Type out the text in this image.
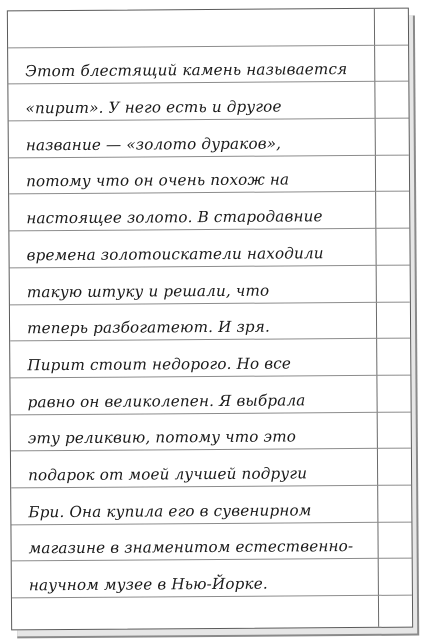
Этот блестящий камень называется
«пирит». У него есть и другое
название — «золото дураков»,
потому что он очень похож на
настоящее золото. В стародавние
времена золотоискатели находили
такую штуку и решали, что
теперь разбогатеют. И зря.
Пирит стоит недорого. Но все
равно он великолепен. Я выбрала
эту реликвию, потому что это
подарок от моей лучшей подруги
Бри. Она купила его в сувенирном
магазине в знаменитом естественно-
научном музее в Нью-Йорке.
